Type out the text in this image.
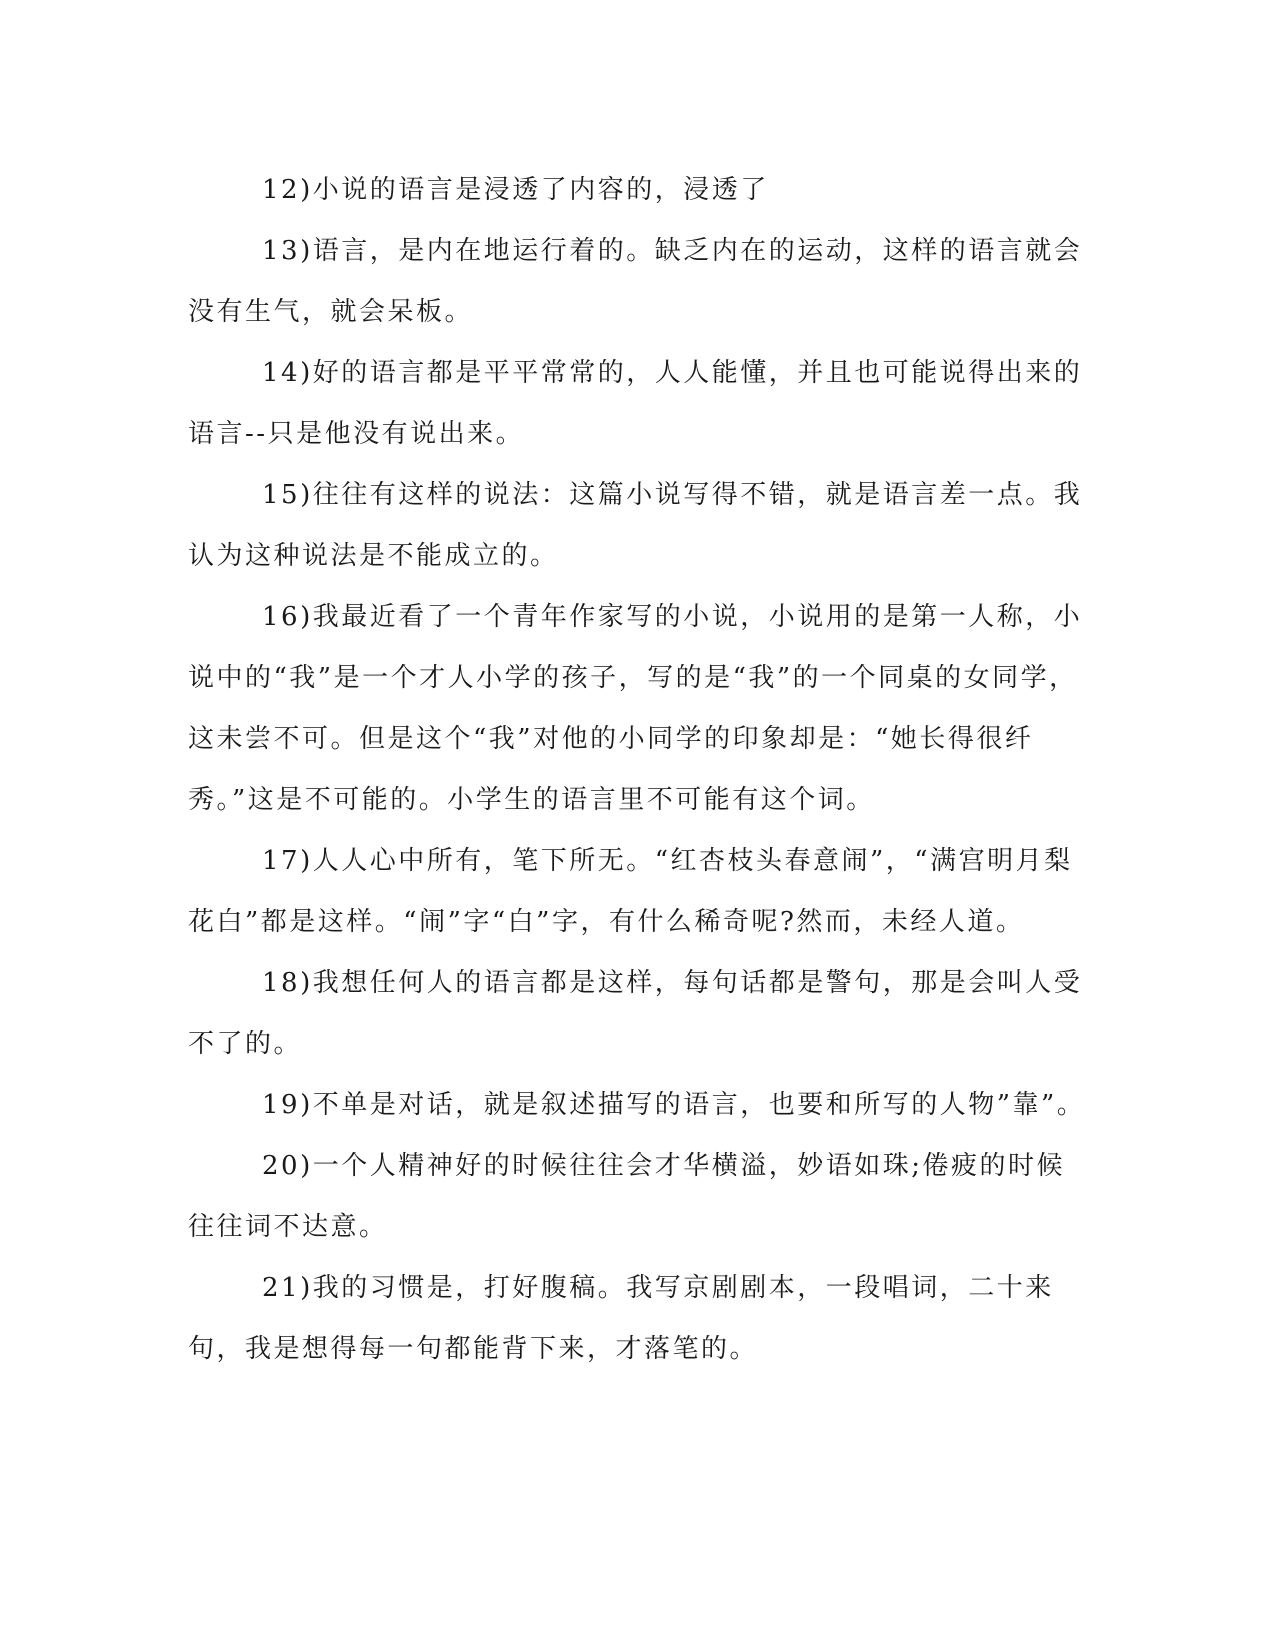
12)小说的语言是浸透了内容的，浸透了

13)语言，是内在地运行着的。缺乏内在的运动，这样的语言就会没有生气，就会呆板。

14)好的语言都是平平常常的，人人能懂，并且也可能说得出来的语言--只是他没有说出来。

15)往往有这样的说法：这篇小说写得不错，就是语言差一点。我认为这种说法是不能成立的。

16)我最近看了一个青年作家写的小说，小说用的是第一人称，小说中的“我”是一个才人小学的孩子，写的是“我”的一个同桌的女同学，这未尝不可。但是这个“我”对他的小同学的印象却是：“她长得很纤秀。”这是不可能的。小学生的语言里不可能有这个词。

17)人人心中所有，笔下所无。“红杏枝头春意闹”，“满宫明月梨花白”都是这样。“闹”字“白”字，有什么稀奇呢?然而，未经人道。

18)我想任何人的语言都是这样，每句话都是警句，那是会叫人受不了的。

19)不单是对话，就是叙述描写的语言，也要和所写的人物”靠”。

20)一个人精神好的时候往往会才华横溢，妙语如珠;倦疲的时候往往词不达意。

21)我的习惯是，打好腹稿。我写京剧剧本，一段唱词，二十来句，我是想得每一句都能背下来，才落笔的。
